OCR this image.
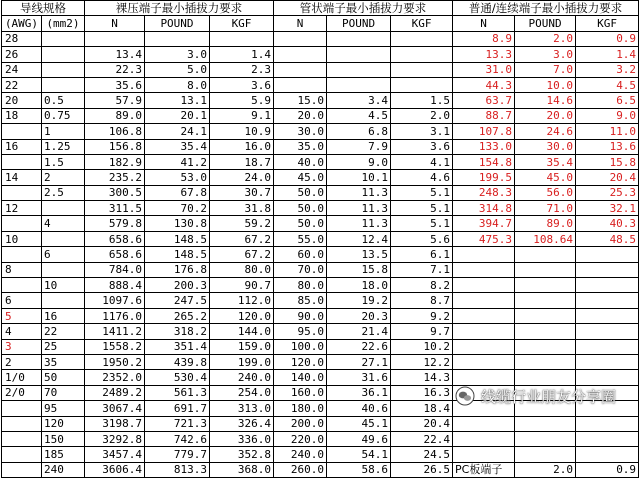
导线规格		裸压端子最小插拔力要求			管状端子最小插拔力要求			普通/连续端子最小插拔力要求		
(AWG)	(mm2)	N	POUND	KGF	N	POUND	KGF	N	POUND	KGF
28								8.9	2.0	0.9
26		13.4	3.0	1.4				13.3	3.0	1.4
24		22.3	5.0	2.3				31.0	7.0	3.2
22		35.6	8.0	3.6				44.3	10.0	4.5
20	0.5	57.9	13.1	5.9	15.0	3.4	1.5	63.7	14.6	6.5
18	0.75	89.0	20.1	9.1	20.0	4.5	2.0	88.7	20.0	9.0
	1	106.8	24.1	10.9	30.0	6.8	3.1	107.8	24.6	11.0
16	1.25	156.8	35.4	16.0	35.0	7.9	3.6	133.0	30.0	13.6
	1.5	182.9	41.2	18.7	40.0	9.0	4.1	154.8	35.4	15.8
14	2	235.2	53.0	24.0	45.0	10.1	4.6	199.5	45.0	20.4
	2.5	300.5	67.8	30.7	50.0	11.3	5.1	248.3	56.0	25.3
12		311.5	70.2	31.8	50.0	11.3	5.1	314.8	71.0	32.1
	4	579.8	130.8	59.2	50.0	11.3	5.1	394.7	89.0	40.3
10		658.6	148.5	67.2	55.0	12.4	5.6	475.3	108.64	48.5
	6	658.6	148.5	67.2	60.0	13.5	6.1			
8		784.0	176.8	80.0	70.0	15.8	7.1			
	10	888.4	200.3	90.7	80.0	18.0	8.2			
6		1097.6	247.5	112.0	85.0	19.2	8.7			
5	16	1176.0	265.2	120.0	90.0	20.3	9.2			
4	22	1411.2	318.2	144.0	95.0	21.4	9.7			
3	25	1558.2	351.4	159.0	100.0	22.6	10.2			
2	35	1950.2	439.8	199.0	120.0	27.1	12.2			
1/0	50	2352.0	530.4	240.0	140.0	31.6	14.3			
2/0	70	2489.2	561.3	254.0	160.0	36.1	16.3			
	95	3067.4	691.7	313.0	180.0	40.6	18.4			
	120	3198.7	721.3	326.4	200.0	45.1	20.4			
	150	3292.8	742.6	336.0	220.0	49.6	22.4			
	185	3457.4	779.7	352.8	240.0	54.1	24.5			
	240	3606.4	813.3	368.0	260.0	58.6	26.5	PC板端子	2.0	0.9
线缆行业朋友分享圈
